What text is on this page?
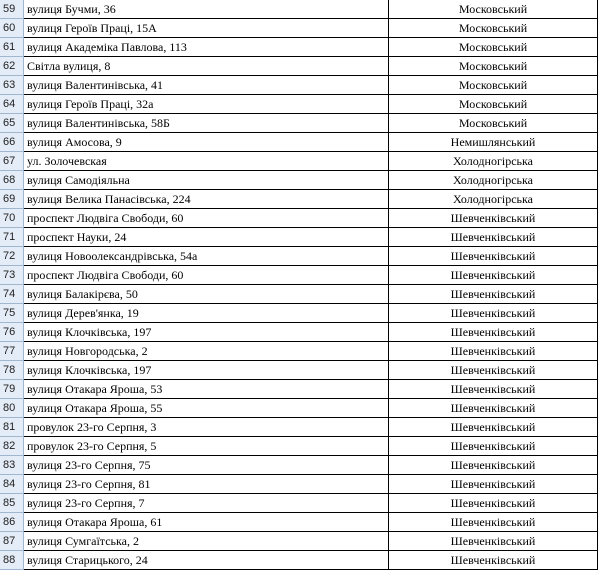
59	вулиця Бучми, 36	Московський
60	вулиця Героїв Праці, 15А	Московський
61	вулиця Академіка Павлова, 113	Московський
62	Світла вулиця, 8	Московський
63	вулиця Валентинівська, 41	Московський
64	вулиця Героїв Праці, 32а	Московський
65	вулиця Валентинівська, 58Б	Московський
66	вулиця Амосова, 9	Немишлянський
67	ул. Золочевская	Холодногірська
68	вулиця Самодіяльна	Холодногірська
69	вулиця Велика Панасівська, 224	Холодногірська
70	проспект Людвіга Свободи, 60	Шевченківський
71	проспект Науки, 24	Шевченківський
72	вулиця Новоолександрівська, 54а	Шевченківський
73	проспект Людвіга Свободи, 60	Шевченківський
74	вулиця Балакірєва, 50	Шевченківський
75	вулиця Дерев'янка, 19	Шевченківський
76	вулиця Клочківська, 197	Шевченківський
77	вулиця Новгородська, 2	Шевченківський
78	вулиця Клочківська, 197	Шевченківський
79	вулиця Отакара Яроша, 53	Шевченківський
80	вулиця Отакара Яроша, 55	Шевченківський
81	провулок 23-го Серпня, 3	Шевченківський
82	провулок 23-го Серпня, 5	Шевченківський
83	вулиця 23-го Серпня, 75	Шевченківський
84	вулиця 23-го Серпня, 81	Шевченківський
85	вулиця 23-го Серпня, 7	Шевченківський
86	вулиця Отакара Яроша, 61	Шевченківський
87	вулиця Сумгаїтська, 2	Шевченківський
88	вулиця Старицького, 24	Шевченківський
